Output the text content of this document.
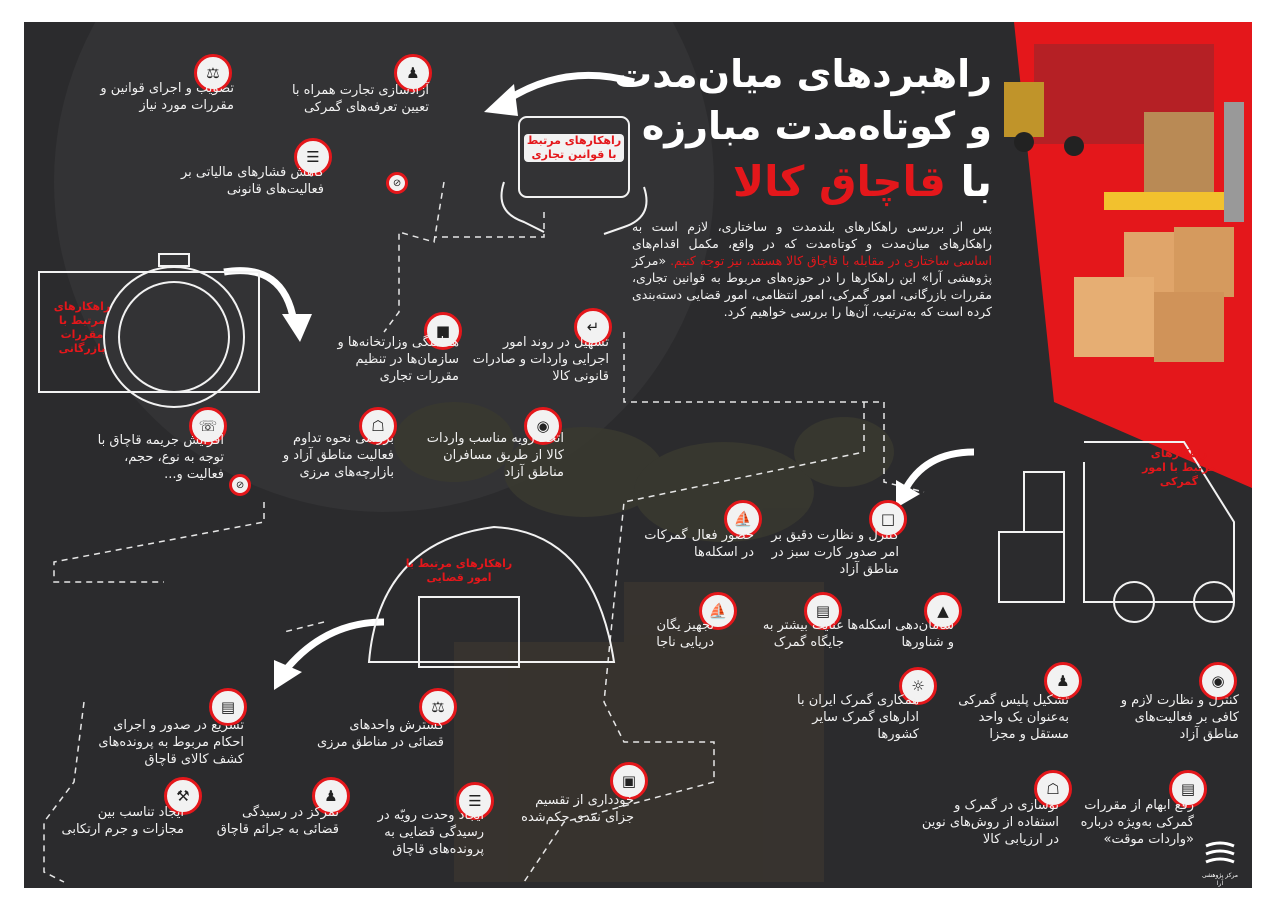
راهبردهای میان‌مدت
و کوتاه‌مدت مبارزه
با قاچاق کالا
پس از بررسی راهکارهای بلندمدت و ساختاری، لازم است به راهکارهای میان‌مدت و کوتاه‌مدت که در واقع، مکمل اقدام‌های اساسی ساختاری در مقابله با قاچاق کالا هستند، نیز توجه کنیم. «مرکز پژوهشی آرا» این راهکارها را در حوزه‌های مربوط به قوانین تجاری، مقررات بازرگانی، امور گمرکی، امور انتظامی، امور قضایی دسته‌بندی کرده است که به‌ترتیب، آن‌ها را بررسی خواهیم کرد.
راهکارهای مرتبط با قوانین تجاری
راهکارهای مرتبط با مقررات بازرگانی
راهکارهای مرتبط با امور گمرکی
راهکارهای مرتبط با امور قضایی
⚖	♟
☰
⊘
■	↵
☏	☖	◉
⊘
⛵	□
⛵	▤	▲
◉
♟
☼
▤	⚖
▤
☖
⚒	♟	☰
▣
تصویب و اجرای قوانین و مقررات مورد نیاز
آزادسازی تجارت همراه با تعیین تعرفه‌های گمرکی
کاهش فشارهای مالیاتی بر فعالیت‌های قانونی
هماهنگی وزارتخانه‌ها و سازمان‌ها در تنظیم مقررات تجاری
تسهیل در روند امور اجرایی واردات و صادرات قانونی کالا
افزایش جریمه قاچاق با توجه به نوع، حجم، فعالیت و...
بررسی نحوه تداوم فعالیت مناطق آزاد و بازارچه‌های مرزی
اتخاذ رویه مناسب واردات کالا از طریق مسافران مناطق آزاد
کنترل و نظارت دقیق بر امر صدور کارت سبز در مناطق آزاد
حضور فعال گمرکات در اسکله‌ها
تجهیز یگان دریایی ناجا
عنایت بیشتر به جایگاه گمرک
سامان‌دهی اسکله‌ها و شناورها
کنترل و نظارت لازم و کافی بر فعالیت‌های مناطق آزاد
تشکیل پلیس گمرکی به‌عنوان یک واحد مستقل و مجزا
همکاری گمرک ایران با ادارهای گمرک سایر کشورها
رفع ابهام از مقررات گمرکی به‌ویژه درباره «واردات موقت»
نوسازی در گمرک و استفاده از روش‌های نوین در ارزیابی کالا
تسریع در صدور و اجرای احکام مربوط به پرونده‌های کشف کالای قاچاق
گسترش واحدهای قضائی در مناطق مرزی
ایجاد تناسب بین مجازات و جرم ارتکابی
تمرکز در رسیدگی قضائی به جرائم قاچاق
ایجاد وحدت رویّه در رسیدگی قضایی به پرونده‌های قاچاق
خودداری از تقسیم جزای نقدی حکم‌شده
مرکز پژوهشی آرا
